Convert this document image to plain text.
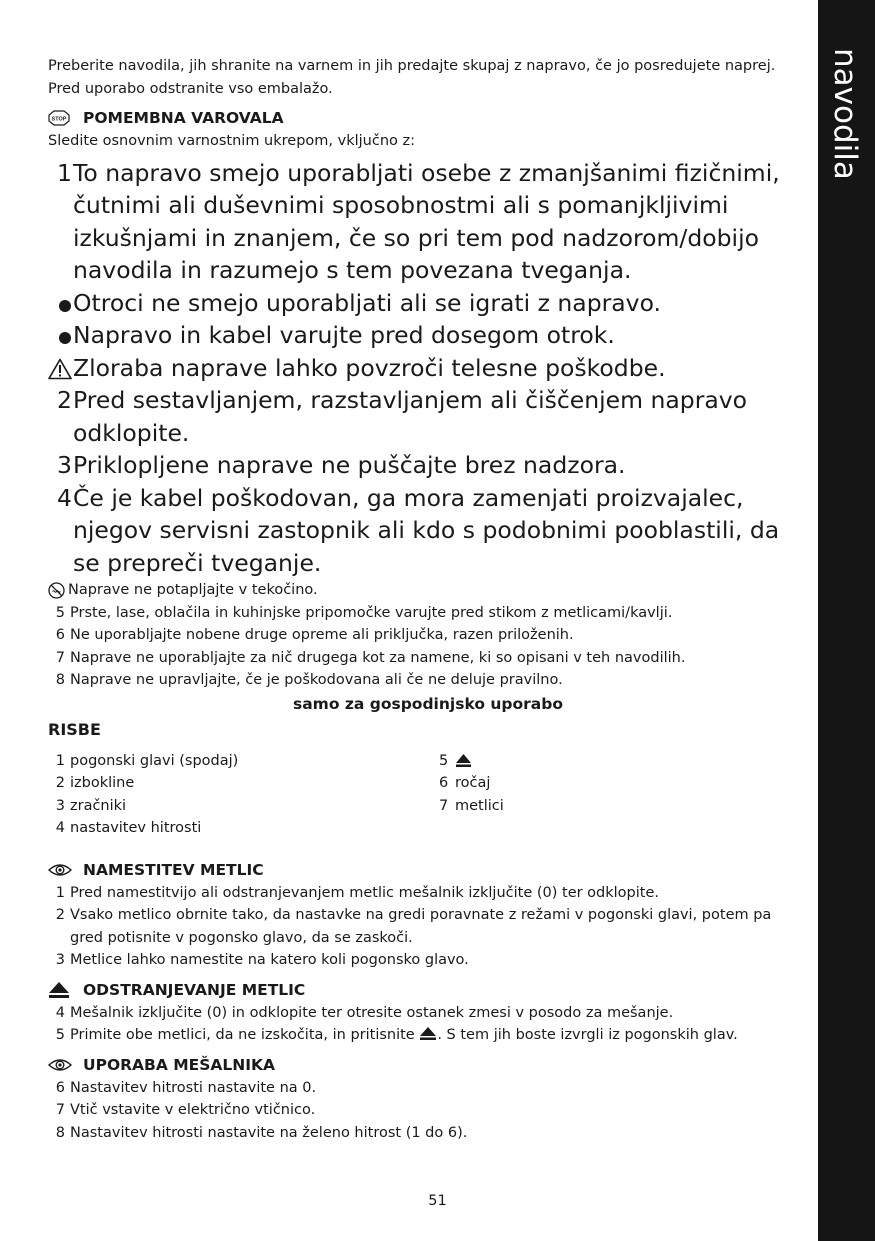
navodila
Preberite navodila, jih shranite na varnem in jih predajte skupaj z napravo, če jo posredujete naprej. Pred uporabo odstranite vso embalažo.
STOP POMEMBNA VAROVALA
Sledite osnovnim varnostnim ukrepom, vključno z:
1 To napravo smejo uporabljati osebe z zmanjšanimi fizičnimi, čutnimi ali duševnimi sposobnostmi ali s pomanjkljivimi izkušnjami in znanjem, če so pri tem pod nadzorom/dobijo navodila in razumejo s tem povezana tveganja.
Otroci ne smejo uporabljati ali se igrati z napravo.
Napravo in kabel varujte pred dosegom otrok.
Zloraba naprave lahko povzroči telesne poškodbe.
2 Pred sestavljanjem, razstavljanjem ali čiščenjem napravo odklopite.
3 Priklopljene naprave ne puščajte brez nadzora.
4 Če je kabel poškodovan, ga mora zamenjati proizvajalec, njegov servisni zastopnik ali kdo s podobnimi pooblastili, da se prepreči tveganje.
Naprave ne potapljajte v tekočino.
5 Prste, lase, oblačila in kuhinjske pripomočke varujte pred stikom z metlicami/kavlji.
6 Ne uporabljajte nobene druge opreme ali priključka, razen priloženih.
7 Naprave ne uporabljajte za nič drugega kot za namene, ki so opisani v teh navodilih.
8 Naprave ne upravljajte, če je poškodovana ali če ne deluje pravilno.
samo za gospodinjsko uporabo
RISBE
1 pogonski glavi (spodaj)
2 izbokline
3 zračniki
4 nastavitev hitrosti
5
6 ročaj
7 metlici
NAMESTITEV METLIC
1 Pred namestitvijo ali odstranjevanjem metlic mešalnik izključite (0) ter odklopite.
2 Vsako metlico obrnite tako, da nastavke na gredi poravnate z režami v pogonski glavi, potem pa gred potisnite v pogonsko glavo, da se zaskoči.
3 Metlice lahko namestite na katero koli pogonsko glavo.
ODSTRANJEVANJE METLIC
4 Mešalnik izklјučite (0) in odklopite ter otresite ostanek zmesi v posodo za mešanje.
5 Primite obe metlici, da ne izskočita, in pritisnite . S tem jih boste izvrgli iz pogonskih glav.
UPORABA MEŠALNIKA
6 Nastavitev hitrosti nastavite na 0.
7 Vtič vstavite v električno vtičnico.
8 Nastavitev hitrosti nastavite na želeno hitrost (1 do 6).
51
